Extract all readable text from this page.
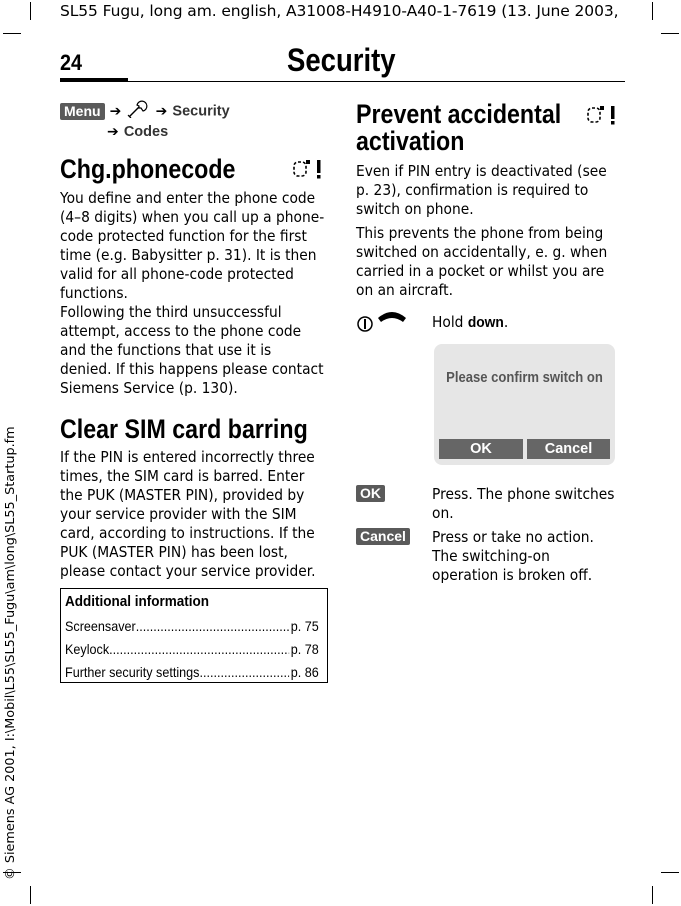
SL55 Fugu, long am. english, A31008-H4910-A40-1-7619 (13. June 2003,
24	Security
© Siemens AG 2001, I:\Mobil\L55\SL55_Fugu\am\long\SL55_Startup.fm
Menu ➔ ➔ Security
➔ Codes
Chg.phonecode

You define and enter the phone code (4–8 digits) when you call up a phone-code protected function for the first time (e.g. Babysitter p. 31). It is then valid for all phone-code protected functions.

Following the third unsuccessful attempt, access to the phone code and the functions that use it is denied. If this happens please contact Siemens Service (p. 130).

Clear SIM card barring

If the PIN is entered incorrectly three times, the SIM card is barred. Enter the PUK (MASTER PIN), provided by your service provider with the SIM card, according to instructions. If the PUK (MASTER PIN) has been lost, please contact your service provider.

Additional information
Screensaver .....	p. 75
Keylock .....	p. 78
Further security settings .....	p. 86
Prevent accidental
activation

Even if PIN entry is deactivated (see p. 23), confirmation is required to switch on phone.

This prevents the phone from being switched on accidentally, e. g. when carried in a pocket or whilst you are on an aircraft.

Hold down.
Please confirm switch on
OK	Cancel
OK	Press. The phone switches on.
Cancel Press or take no action. The switching-on operation is broken off.
